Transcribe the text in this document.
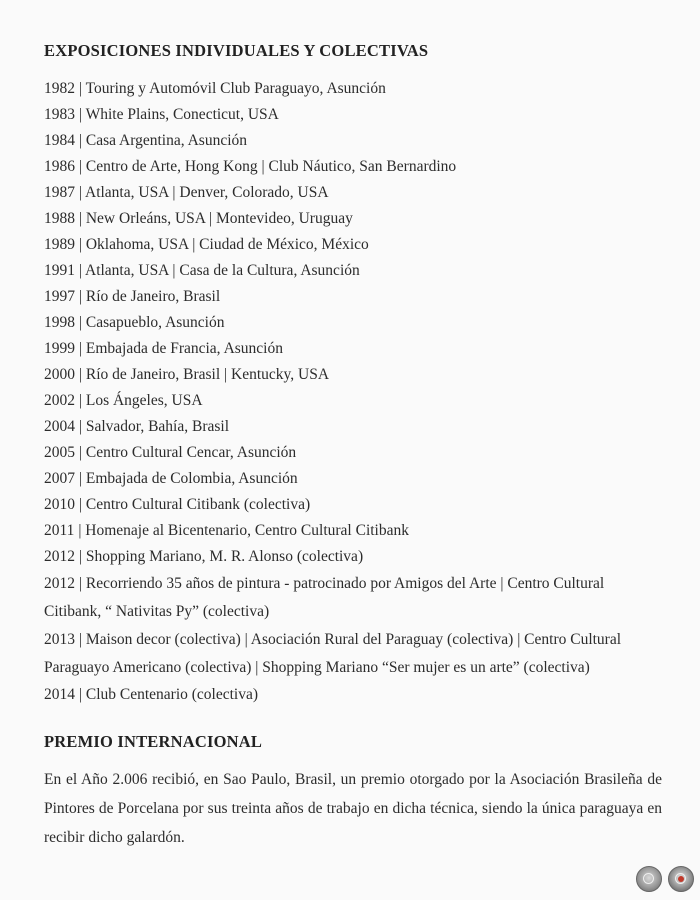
EXPOSICIONES INDIVIDUALES Y COLECTIVAS
1982 | Touring y Automóvil Club Paraguayo, Asunción
1983 | White Plains, Conecticut, USA
1984 | Casa Argentina, Asunción
1986 | Centro de Arte, Hong Kong | Club Náutico, San Bernardino
1987 | Atlanta, USA | Denver, Colorado, USA
1988 | New Orleáns, USA | Montevideo, Uruguay
1989 | Oklahoma, USA | Ciudad de México, México
1991 | Atlanta, USA | Casa de la Cultura, Asunción
1997 | Río de Janeiro, Brasil
1998 | Casapueblo, Asunción
1999 | Embajada de Francia, Asunción
2000 | Río de Janeiro, Brasil | Kentucky, USA
2002 | Los Ángeles, USA
2004 | Salvador, Bahía, Brasil
2005 | Centro Cultural Cencar, Asunción
2007 | Embajada de Colombia, Asunción
2010 | Centro Cultural Citibank (colectiva)
2011 | Homenaje al Bicentenario, Centro Cultural Citibank
2012 | Shopping Mariano, M. R. Alonso (colectiva)
2012 | Recorriendo 35 años de pintura - patrocinado por Amigos del Arte | Centro Cultural Citibank, “ Nativitas Py” (colectiva)
2013 | Maison decor (colectiva) | Asociación Rural del Paraguay (colectiva) | Centro Cultural Paraguayo Americano (colectiva) | Shopping Mariano “Ser mujer es un arte” (colectiva)
2014 | Club Centenario (colectiva)
PREMIO INTERNACIONAL

En el Año 2.006 recibió, en Sao Paulo, Brasil, un premio otorgado por la Asociación Brasileña de Pintores de Porcelana por sus treinta años de trabajo en dicha técnica, siendo la única paraguaya en recibir dicho galardón.
